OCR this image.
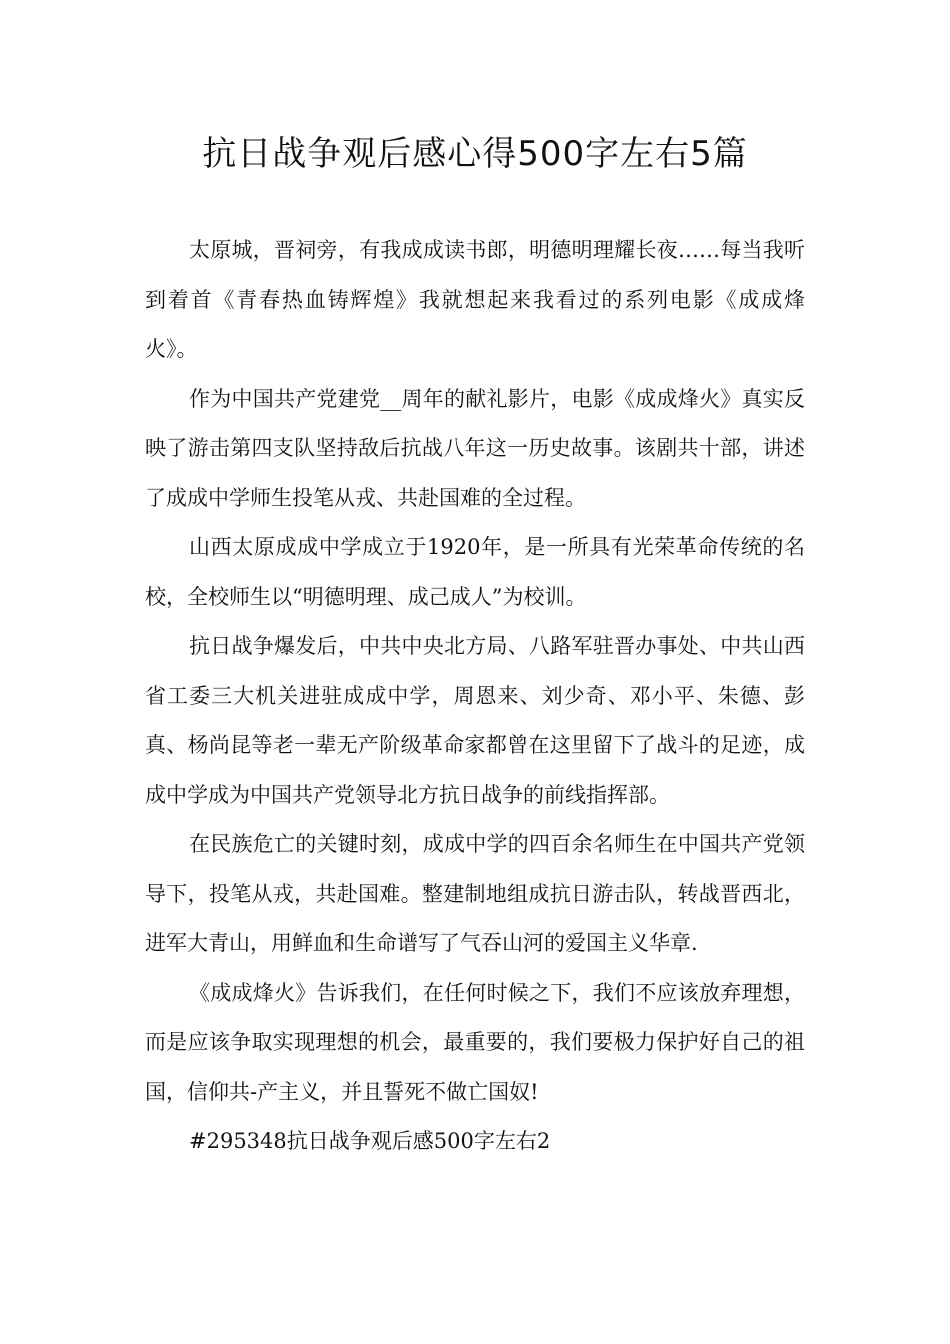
抗日战争观后感心得500字左右5篇

太原城，晋祠旁，有我成成读书郎，明德明理耀长夜……每当我听到着首《青春热血铸辉煌》我就想起来我看过的系列电影《成成烽火》。

作为中国共产党建党__周年的献礼影片，电影《成成烽火》真实反映了游击第四支队坚持敌后抗战八年这一历史故事。该剧共十部，讲述了成成中学师生投笔从戎、共赴国难的全过程。

山西太原成成中学成立于1920年，是一所具有光荣革命传统的名校，全校师生以“明德明理、成己成人”为校训。

抗日战争爆发后，中共中央北方局、八路军驻晋办事处、中共山西省工委三大机关进驻成成中学，周恩来、刘少奇、邓小平、朱德、彭真、杨尚昆等老一辈无产阶级革命家都曾在这里留下了战斗的足迹，成成中学成为中国共产党领导北方抗日战争的前线指挥部。

在民族危亡的关键时刻，成成中学的四百余名师生在中国共产党领导下，投笔从戎，共赴国难。整建制地组成抗日游击队，转战晋西北，进军大青山，用鲜血和生命谱写了气吞山河的爱国主义华章.

《成成烽火》告诉我们，在任何时候之下，我们不应该放弃理想，而是应该争取实现理想的机会，最重要的，我们要极力保护好自己的祖国，信仰共-产主义，并且誓死不做亡国奴!

#295348抗日战争观后感500字左右2
